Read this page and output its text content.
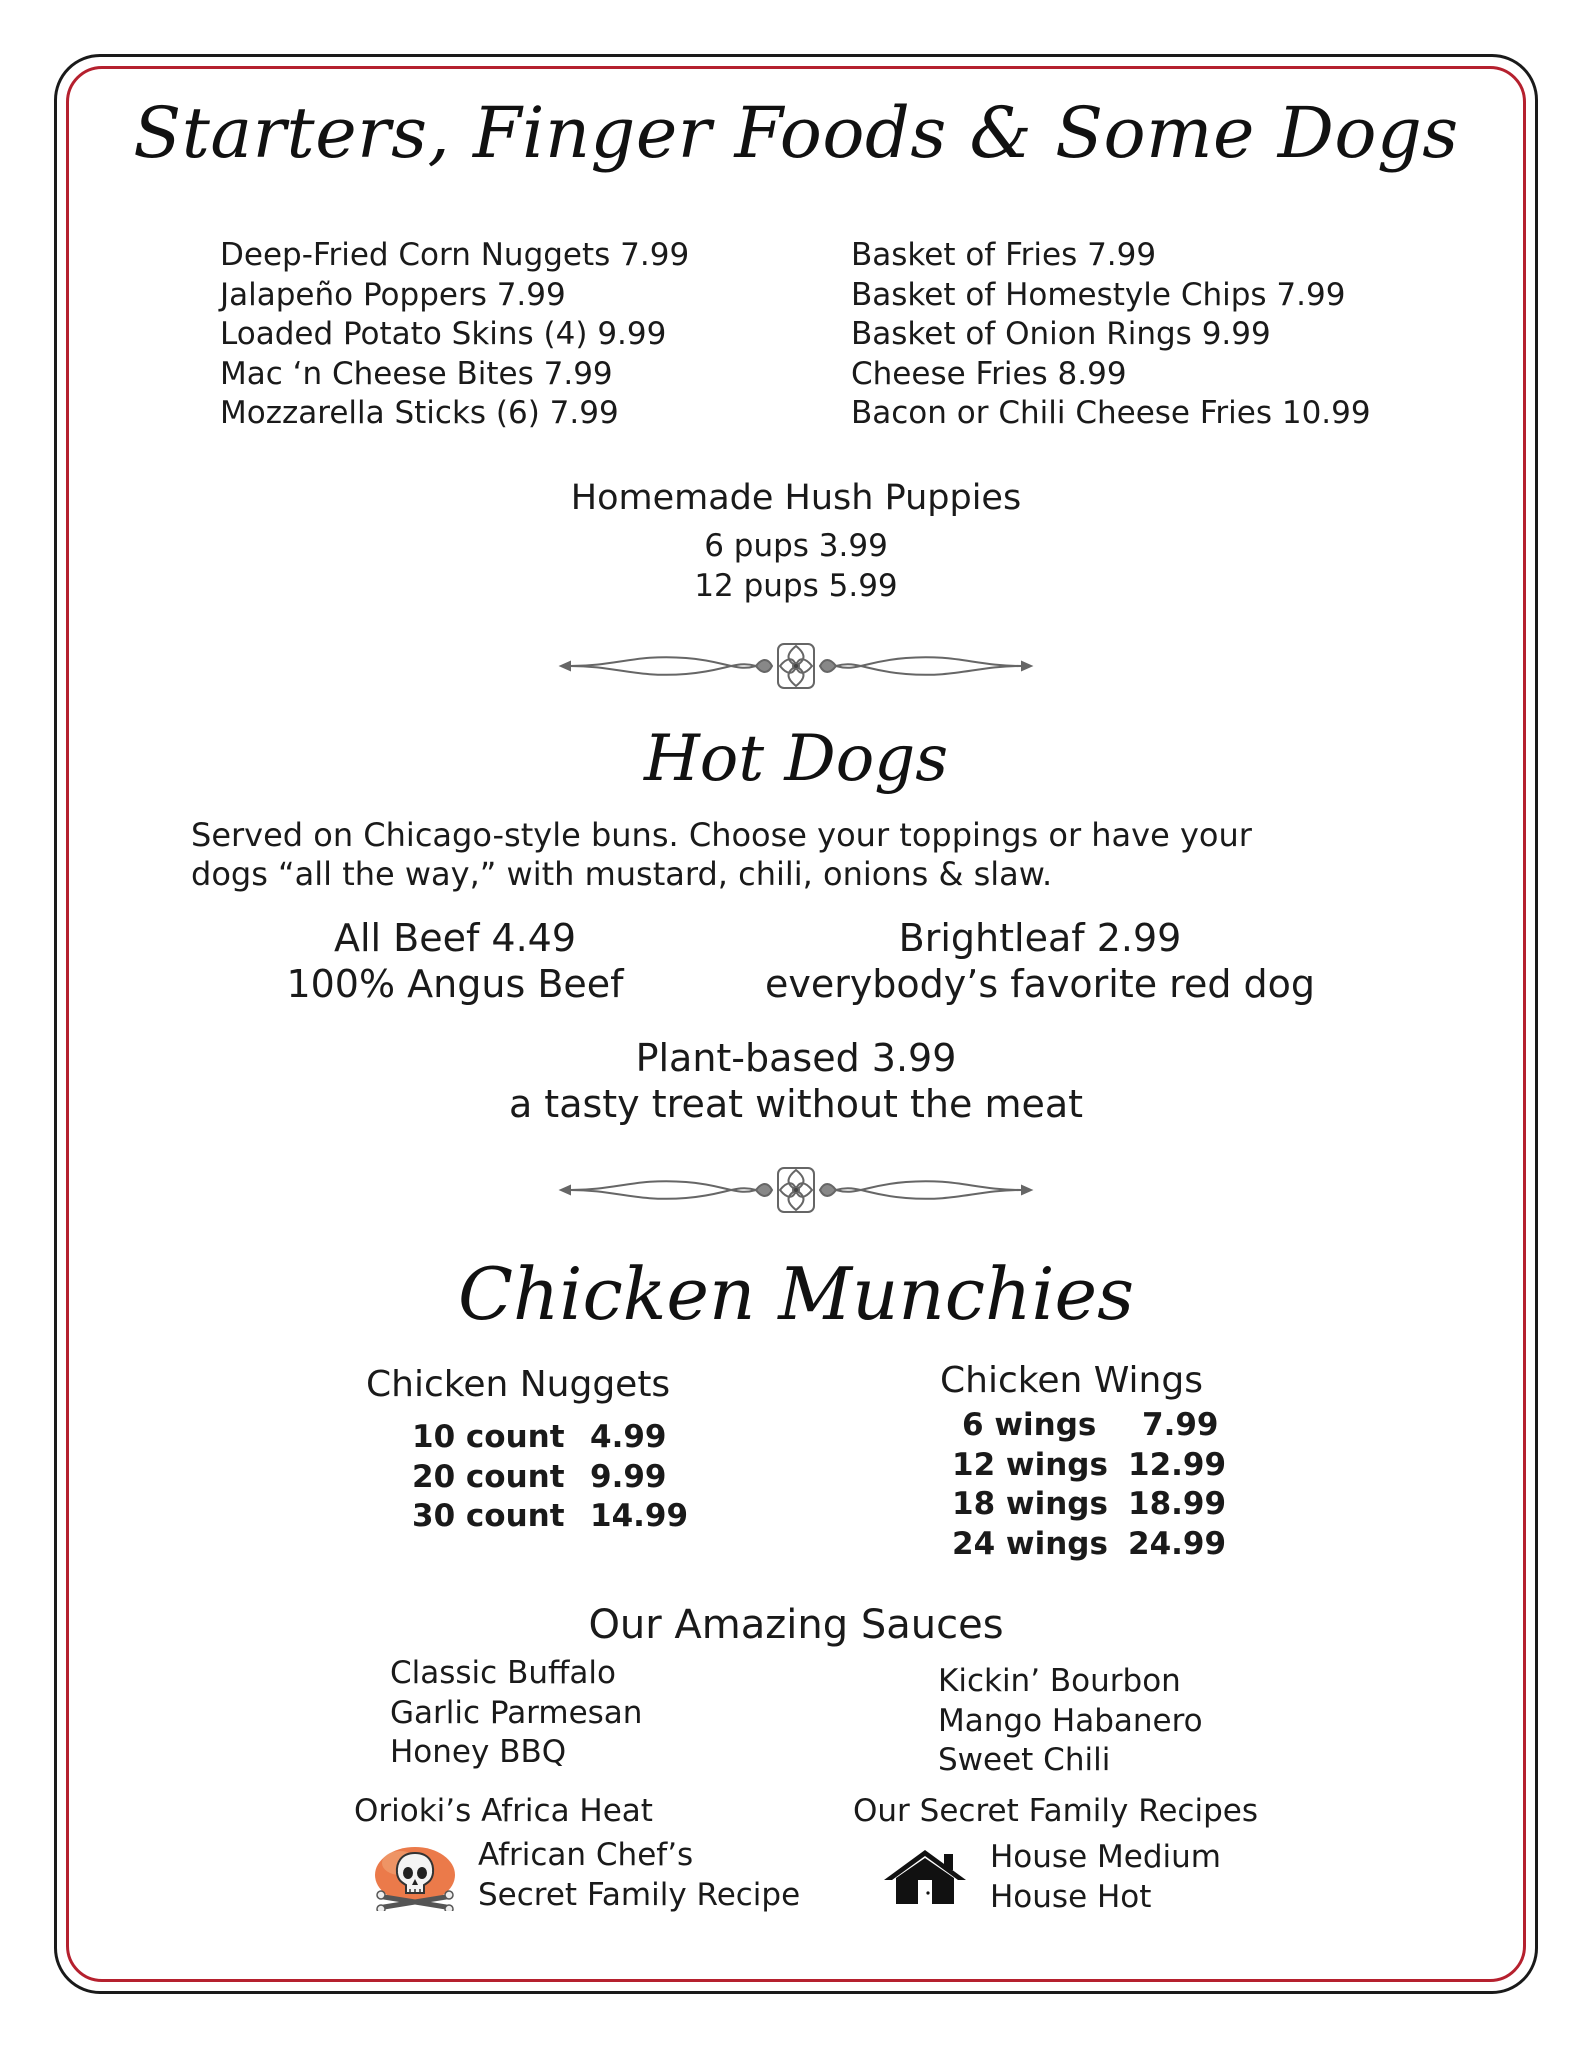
Starters, Finger Foods & Some Dogs
Deep-Fried Corn Nuggets 7.99
Jalapeño Poppers 7.99
Loaded Potato Skins (4) 9.99
Mac ‘n Cheese Bites 7.99
Mozzarella Sticks (6) 7.99
Basket of Fries 7.99
Basket of Homestyle Chips 7.99
Basket of Onion Rings 9.99
Cheese Fries 8.99
Bacon or Chili Cheese Fries 10.99
Homemade Hush Puppies
6 pups 3.99
12 pups 5.99
Hot Dogs
Served on Chicago-style buns. Choose your toppings or have your
dogs “all the way,” with mustard, chili, onions & slaw.
All Beef 4.49
100% Angus Beef
Brightleaf 2.99
everybody’s favorite red dog
Plant-based 3.99
a tasty treat without the meat
Chicken Munchies
Chicken Nuggets
10 count 4.99
20 count 9.99
30 count 14.99
Chicken Wings
6 wings	7.99
12 wings 12.99
18 wings 18.99
24 wings 24.99
Our Amazing Sauces
Classic Buffalo
Garlic Parmesan
Honey BBQ
Kickin’ Bourbon
Mango Habanero
Sweet Chili
Orioki’s Africa Heat
African Chef’s
Secret Family Recipe
Our Secret Family Recipes
House Medium
House Hot
